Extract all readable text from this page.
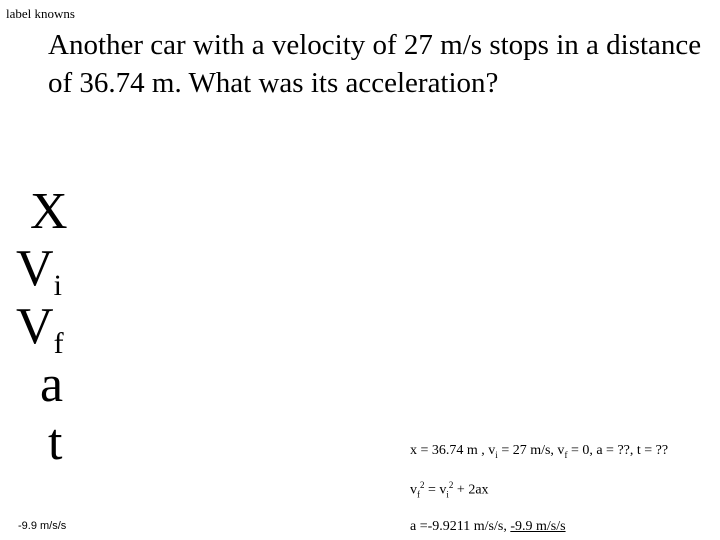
label knowns
Another car with a velocity of 27 m/s stops in a distance of 36.74 m. What was its acceleration?
X
$V_i$
$V_f$
a
t
-9.9 m/s/s
x = 36.74 m , $v_i = 27$ m/s, $v_f = 0$, a = ??, t = ??
$v_f^2 = v_i^2 + 2ax$
a =-9.9211 m/s/s, -9.9 m/s/s
